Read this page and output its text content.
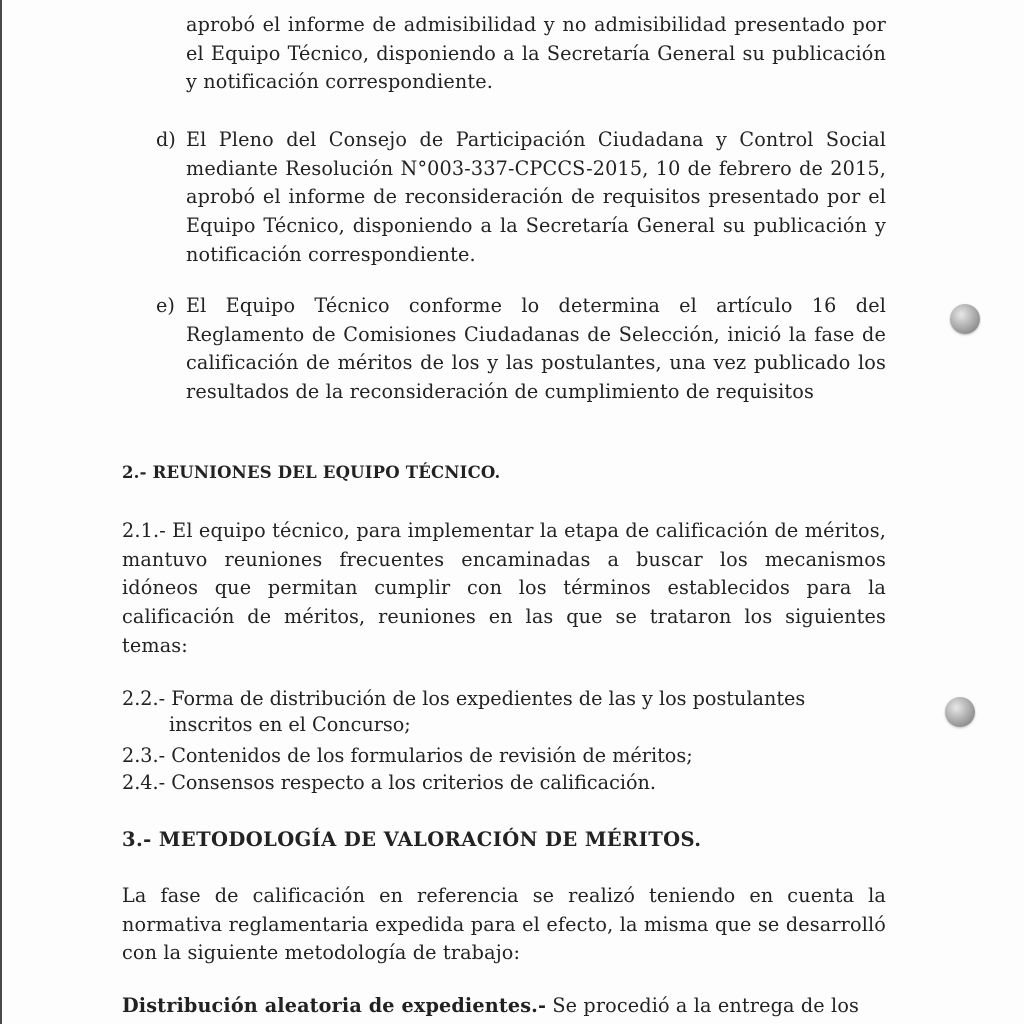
aprobó el informe de admisibilidad y no admisibilidad presentado por el Equipo Técnico, disponiendo a la Secretaría General su publicación y notificación correspondiente.

d) El Pleno del Consejo de Participación Ciudadana y Control Social mediante Resolución N°003-337-CPCCS-2015, 10 de febrero de 2015, aprobó el informe de reconsideración de requisitos presentado por el Equipo Técnico, disponiendo a la Secretaría General su publicación y notificación correspondiente.

e) El Equipo Técnico conforme lo determina el artículo 16 del Reglamento de Comisiones Ciudadanas de Selección, inició la fase de calificación de méritos de los y las postulantes, una vez publicado los resultados de la reconsideración de cumplimiento de requisitos

2.- REUNIONES DEL EQUIPO TÉCNICO.

2.1.- El equipo técnico, para implementar la etapa de calificación de méritos, mantuvo reuniones frecuentes encaminadas a buscar los mecanismos idóneos que permitan cumplir con los términos establecidos para la calificación de méritos, reuniones en las que se trataron los siguientes temas:

2.2.- Forma de distribución de los expedientes de las y los postulantes
inscritos en el Concurso;
2.3.- Contenidos de los formularios de revisión de méritos;
2.4.- Consensos respecto a los criterios de calificación.
3.- METODOLOGÍA DE VALORACIÓN DE MÉRITOS.

La fase de calificación en referencia se realizó teniendo en cuenta la normativa reglamentaria expedida para el efecto, la misma que se desarrolló con la siguiente metodología de trabajo:

Distribución aleatoria de expedientes.- Se procedió a la entrega de los
